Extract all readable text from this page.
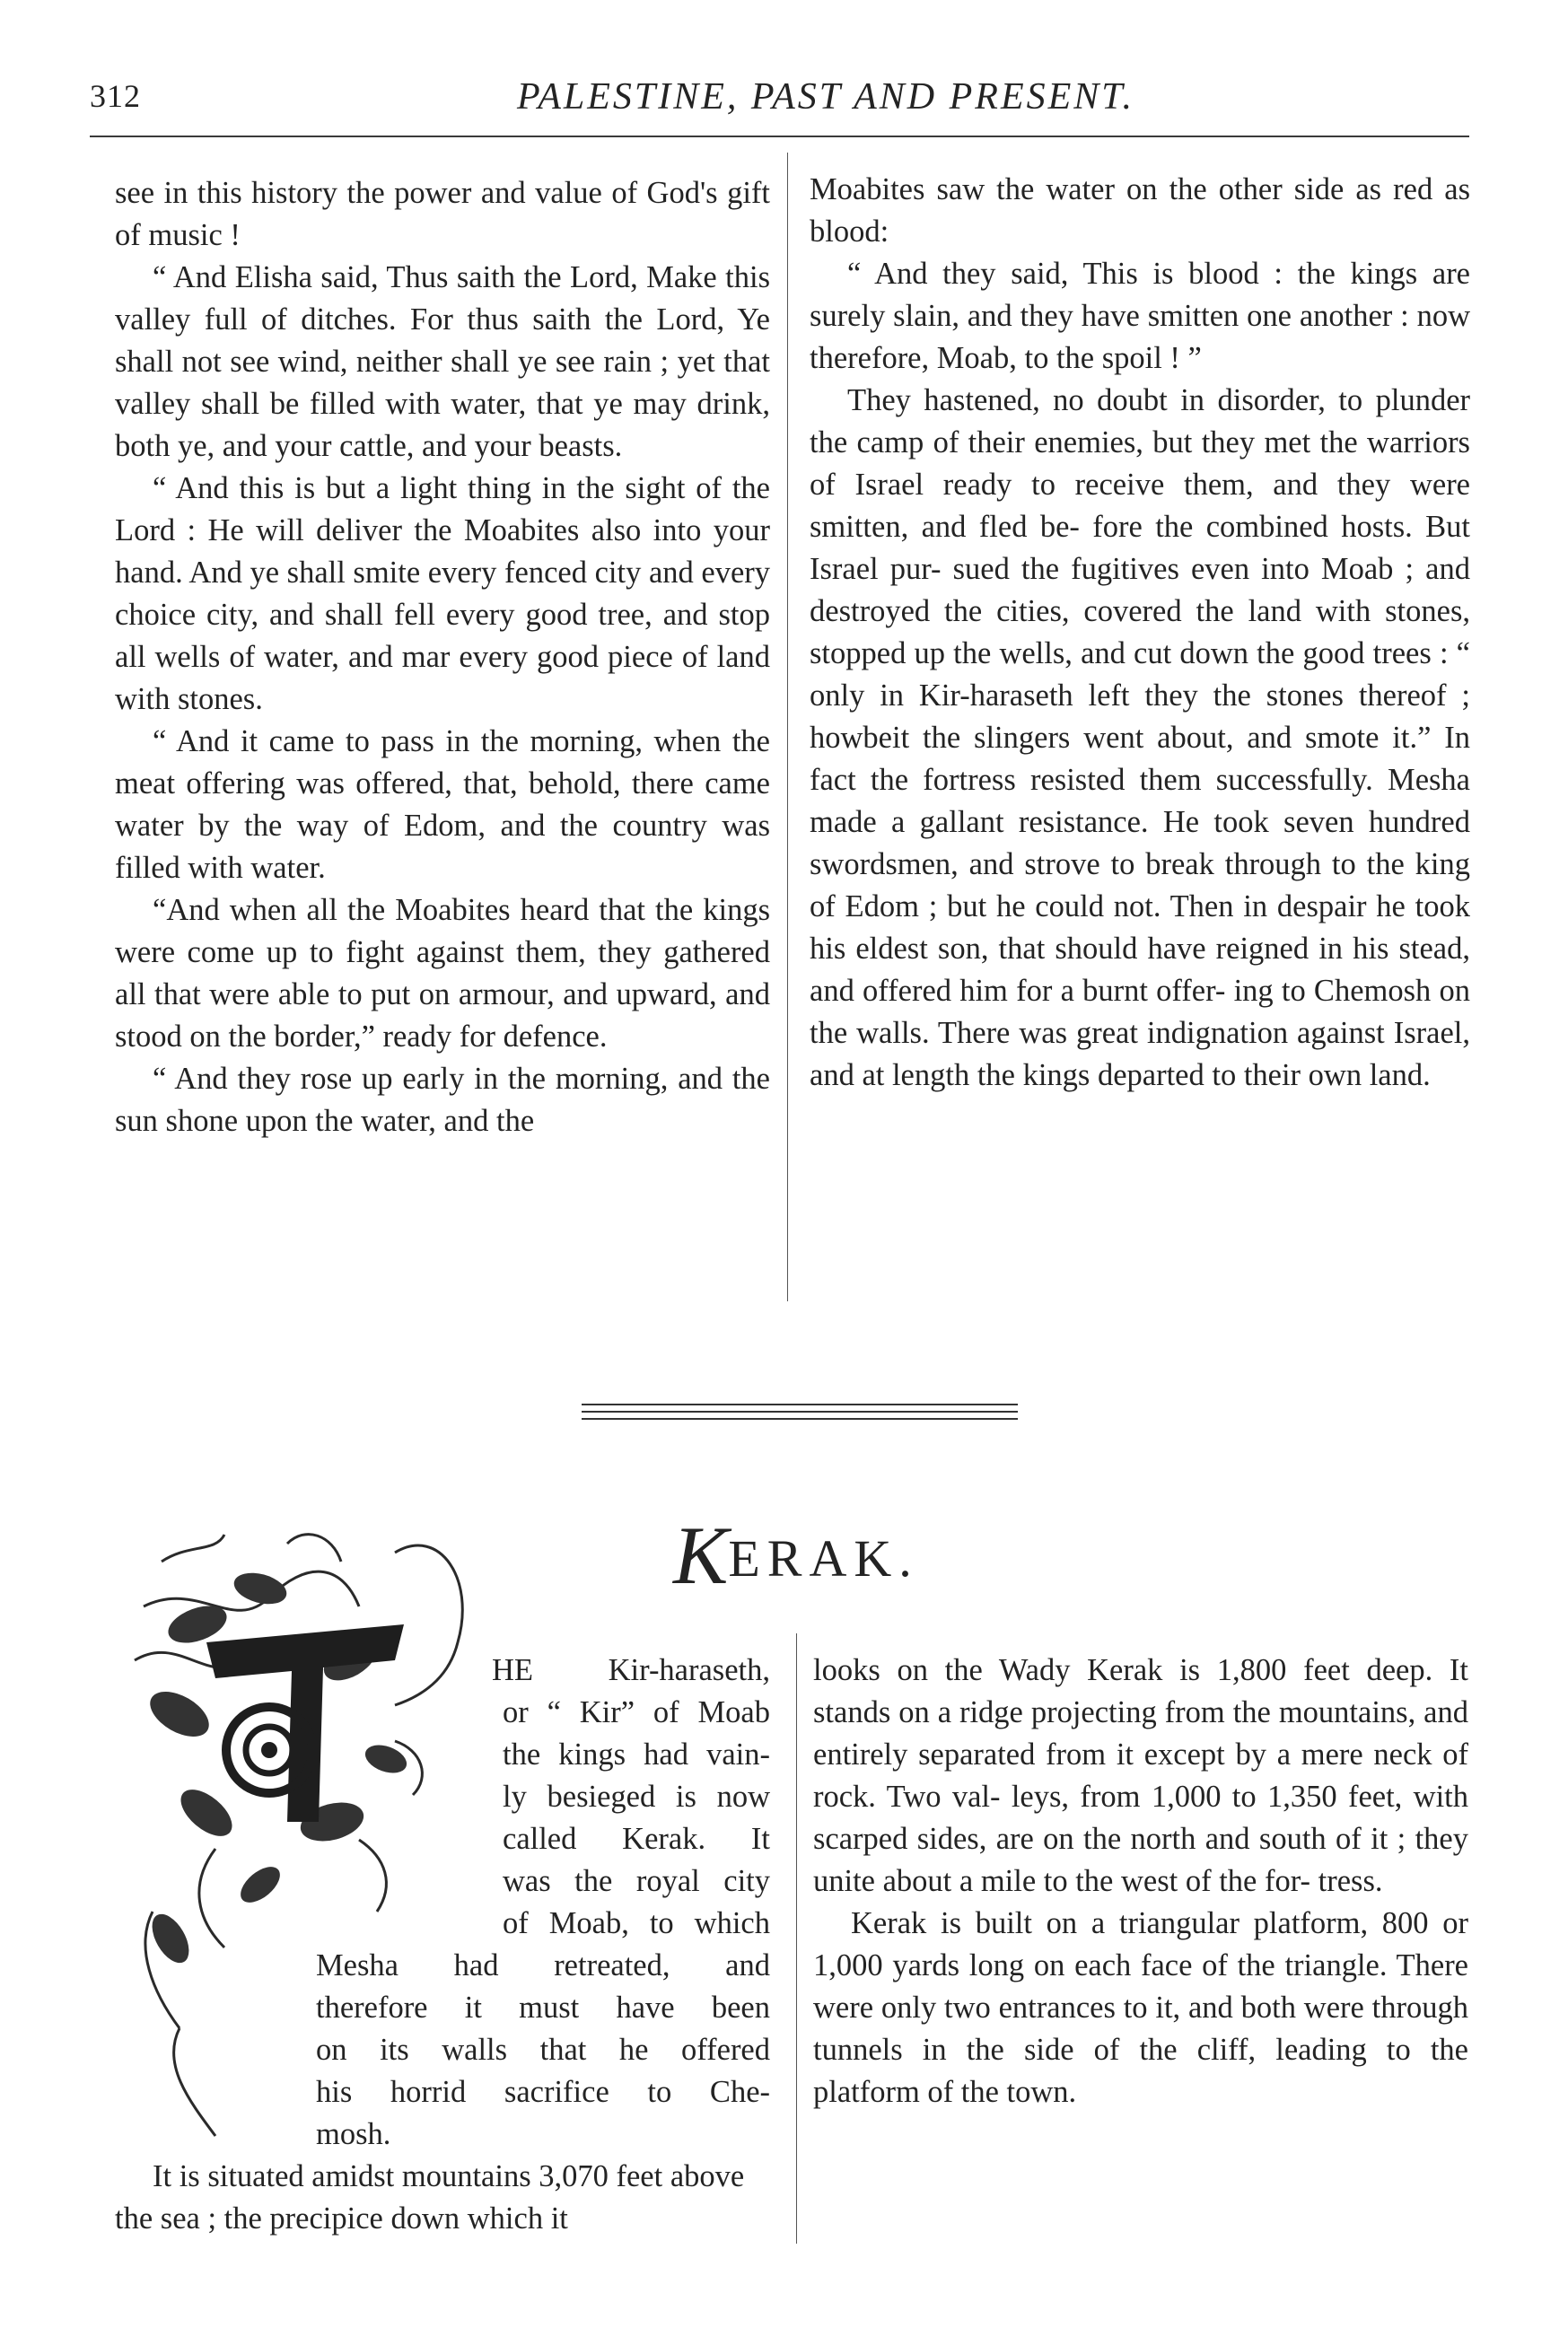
312	PALESTINE, PAST AND PRESENT.

see in this history the power and value of God's gift of music !

“ And Elisha said, Thus saith the Lord, Make this valley full of ditches. For thus saith the Lord, Ye shall not see wind, neither shall ye see rain ; yet that valley shall be filled with water, that ye may drink, both ye, and your cattle, and your beasts.

“ And this is but a light thing in the sight of the Lord : He will deliver the Moabites also into your hand. And ye shall smite every fenced city and every choice city, and shall fell every good tree, and stop all wells of water, and mar every good piece of land with stones.

“ And it came to pass in the morning, when the meat offering was offered, that, behold, there came water by the way of Edom, and the country was filled with water.

“And when all the Moabites heard that the kings were come up to fight against them, they gathered all that were able to put on armour, and upward, and stood on the border,” ready for defence.

“ And they rose up early in the morning, and the sun shone upon the water, and the

Moabites saw the water on the other side as red as blood:

“ And they said, This is blood : the kings are surely slain, and they have smitten one another : now therefore, Moab, to the spoil ! ”

They hastened, no doubt in disorder, to plunder the camp of their enemies, but they met the warriors of Israel ready to receive them, and they were smitten, and fled be- fore the combined hosts. But Israel pur- sued the fugitives even into Moab ; and destroyed the cities, covered the land with stones, stopped up the wells, and cut down the good trees : “ only in Kir-haraseth left they the stones thereof ; howbeit the slingers went about, and smote it.” In fact the fortress resisted them successfully. Mesha made a gallant resistance. He took seven hundred swordsmen, and strove to break through to the king of Edom ; but he could not. Then in despair he took his eldest son, that should have reigned in his stead, and offered him for a burnt offer- ing to Chemosh on the walls. There was great indignation against Israel, and at length the kings departed to their own land.

KERAK.
HE Kir-haraseth,
or “ Kir” of Moab
the kings had vain-
ly besieged is now
called Kerak. It
was the royal city
of Moab, to which
Mesha had retreated, and
therefore it must have been
on its walls that he offered
his horrid sacrifice to Che-
mosh.

It is situated amidst mountains 3,070 feet above the sea ; the precipice down which it

looks on the Wady Kerak is 1,800 feet deep. It stands on a ridge projecting from the mountains, and entirely separated from it except by a mere neck of rock. Two val- leys, from 1,000 to 1,350 feet, with scarped sides, are on the north and south of it ; they unite about a mile to the west of the for- tress.

Kerak is built on a triangular platform, 800 or 1,000 yards long on each face of the triangle. There were only two entrances to it, and both were through tunnels in the side of the cliff, leading to the platform of the town.
